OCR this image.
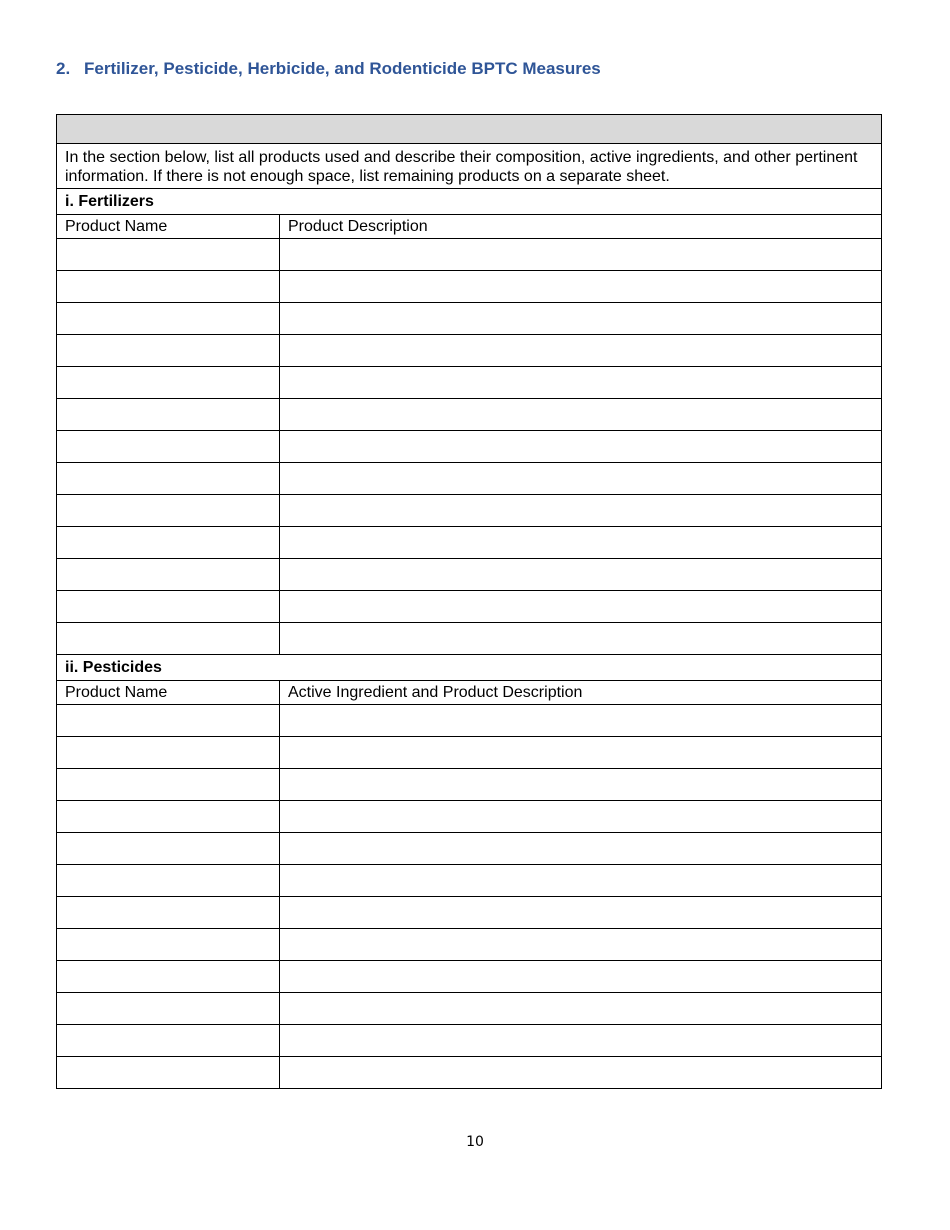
2. Fertilizer, Pesticide, Herbicide, and Rodenticide BPTC Measures

In the section below, list all products used and describe their composition, active ingredients, and other pertinent information. If there is not enough space, list remaining products on a separate sheet.	
i. Fertilizers	
Product Name	Product Description

ii. Pesticides	
Product Name	Active Ingredient and Product Description

10
